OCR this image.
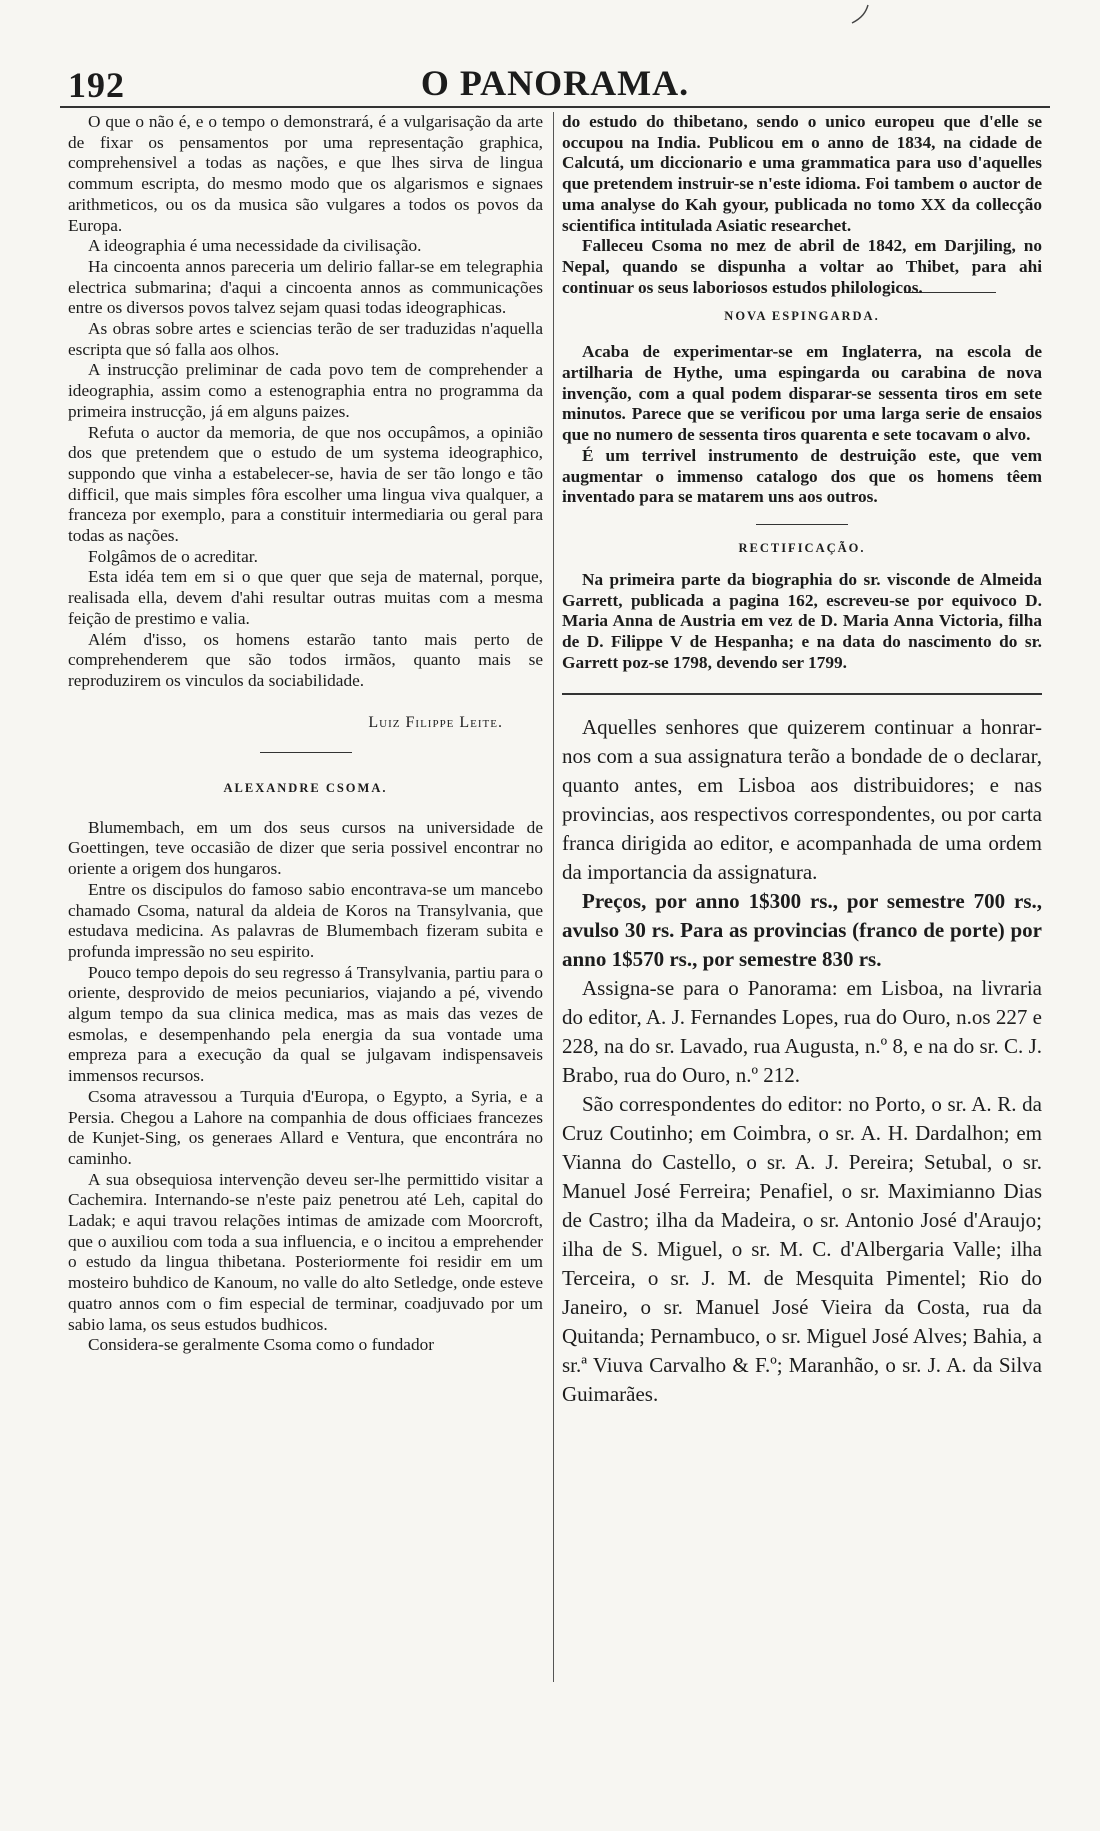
192	O PANORAMA.

O que o não é, e o tempo o demonstrará, é a vulgarisação da arte de fixar os pensamentos por uma representação graphica, comprehensivel a todas as nações, e que lhes sirva de lingua commum escripta, do mesmo modo que os algarismos e signaes arithmeticos, ou os da musica são vulgares a todos os povos da Europa.

A ideographia é uma necessidade da civilisação.

Ha cincoenta annos pareceria um delirio fallar-se em telegraphia electrica submarina; d'aqui a cincoenta annos as communicações entre os diversos povos talvez sejam quasi todas ideographicas.

As obras sobre artes e sciencias terão de ser traduzidas n'aquella escripta que só falla aos olhos.

A instrucção preliminar de cada povo tem de comprehender a ideographia, assim como a estenographia entra no programma da primeira instrucção, já em alguns paizes.

Refuta o auctor da memoria, de que nos occupâmos, a opinião dos que pretendem que o estudo de um systema ideographico, suppondo que vinha a estabelecer-se, havia de ser tão longo e tão difficil, que mais simples fôra escolher uma lingua viva qualquer, a franceza por exemplo, para a constituir intermediaria ou geral para todas as nações.

Folgâmos de o acreditar.

Esta idéa tem em si o que quer que seja de maternal, porque, realisada ella, devem d'ahi resultar outras muitas com a mesma feição de prestimo e valia.

Além d'isso, os homens estarão tanto mais perto de comprehenderem que são todos irmãos, quanto mais se reproduzirem os vinculos da sociabilidade.

Luiz Filippe Leite.
ALEXANDRE CSOMA.

Blumembach, em um dos seus cursos na universidade de Goettingen, teve occasião de dizer que seria possivel encontrar no oriente a origem dos hungaros.

Entre os discipulos do famoso sabio encontrava-se um mancebo chamado Csoma, natural da aldeia de Koros na Transylvania, que estudava medicina. As palavras de Blumembach fizeram subita e profunda impressão no seu espirito.

Pouco tempo depois do seu regresso á Transylvania, partiu para o oriente, desprovido de meios pecuniarios, viajando a pé, vivendo algum tempo da sua clinica medica, mas as mais das vezes de esmolas, e desempenhando pela energia da sua vontade uma empreza para a execução da qual se julgavam indispensaveis immensos recursos.

Csoma atravessou a Turquia d'Europa, o Egypto, a Syria, e a Persia. Chegou a Lahore na companhia de dous officiaes francezes de Kunjet-Sing, os generaes Allard e Ventura, que encontrára no caminho.

A sua obsequiosa intervenção deveu ser-lhe permittido visitar a Cachemira. Internando-se n'este paiz penetrou até Leh, capital do Ladak; e aqui travou relações intimas de amizade com Moorcroft, que o auxiliou com toda a sua influencia, e o incitou a emprehender o estudo da lingua thibetana. Posteriormente foi residir em um mosteiro buhdico de Kanoum, no valle do alto Setledge, onde esteve quatro annos com o fim especial de terminar, coadjuvado por um sabio lama, os seus estudos budhicos.

Considera-se geralmente Csoma como o fundador

do estudo do thibetano, sendo o unico europeu que d'elle se occupou na India. Publicou em o anno de 1834, na cidade de Calcutá, um diccionario e uma grammatica para uso d'aquelles que pretendem instruir-se n'este idioma. Foi tambem o auctor de uma analyse do Kah gyour, publicada no tomo XX da collecção scientifica intitulada Asiatic researchet.

Falleceu Csoma no mez de abril de 1842, em Darjiling, no Nepal, quando se dispunha a voltar ao Thibet, para ahi continuar os seus laboriosos estudos philologicos.

NOVA ESPINGARDA.

Acaba de experimentar-se em Inglaterra, na escola de artilharia de Hythe, uma espingarda ou carabina de nova invenção, com a qual podem disparar-se sessenta tiros em sete minutos. Parece que se verificou por uma larga serie de ensaios que no numero de sessenta tiros quarenta e sete tocavam o alvo.

É um terrivel instrumento de destruição este, que vem augmentar o immenso catalogo dos que os homens têem inventado para se matarem uns aos outros.

RECTIFICAÇÃO.

Na primeira parte da biographia do sr. visconde de Almeida Garrett, publicada a pagina 162, escreveu-se por equivoco D. Maria Anna de Austria em vez de D. Maria Anna Victoria, filha de D. Filippe V de Hespanha; e na data do nascimento do sr. Garrett poz-se 1798, devendo ser 1799.

Aquelles senhores que quizerem continuar a honrar-nos com a sua assignatura terão a bondade de o declarar, quanto antes, em Lisboa aos distribuidores; e nas provincias, aos respectivos correspondentes, ou por carta franca dirigida ao editor, e acompanhada de uma ordem da importancia da assignatura.

Preços, por anno 1$300 rs., por semestre 700 rs., avulso 30 rs. Para as provincias (franco de porte) por anno 1$570 rs., por semestre 830 rs.

Assigna-se para o Panorama: em Lisboa, na livraria do editor, A. J. Fernandes Lopes, rua do Ouro, n.os 227 e 228, na do sr. Lavado, rua Augusta, n.º 8, e na do sr. C. J. Brabo, rua do Ouro, n.º 212.

São correspondentes do editor: no Porto, o sr. A. R. da Cruz Coutinho; em Coimbra, o sr. A. H. Dardalhon; em Vianna do Castello, o sr. A. J. Pereira; Setubal, o sr. Manuel José Ferreira; Penafiel, o sr. Maximianno Dias de Castro; ilha da Madeira, o sr. Antonio José d'Araujo; ilha de S. Miguel, o sr. M. C. d'Albergaria Valle; ilha Terceira, o sr. J. M. de Mesquita Pimentel; Rio do Janeiro, o sr. Manuel José Vieira da Costa, rua da Quitanda; Pernambuco, o sr. Miguel José Alves; Bahia, a sr.ª Viuva Carvalho & F.º; Maranhão, o sr. J. A. da Silva Guimarães.
